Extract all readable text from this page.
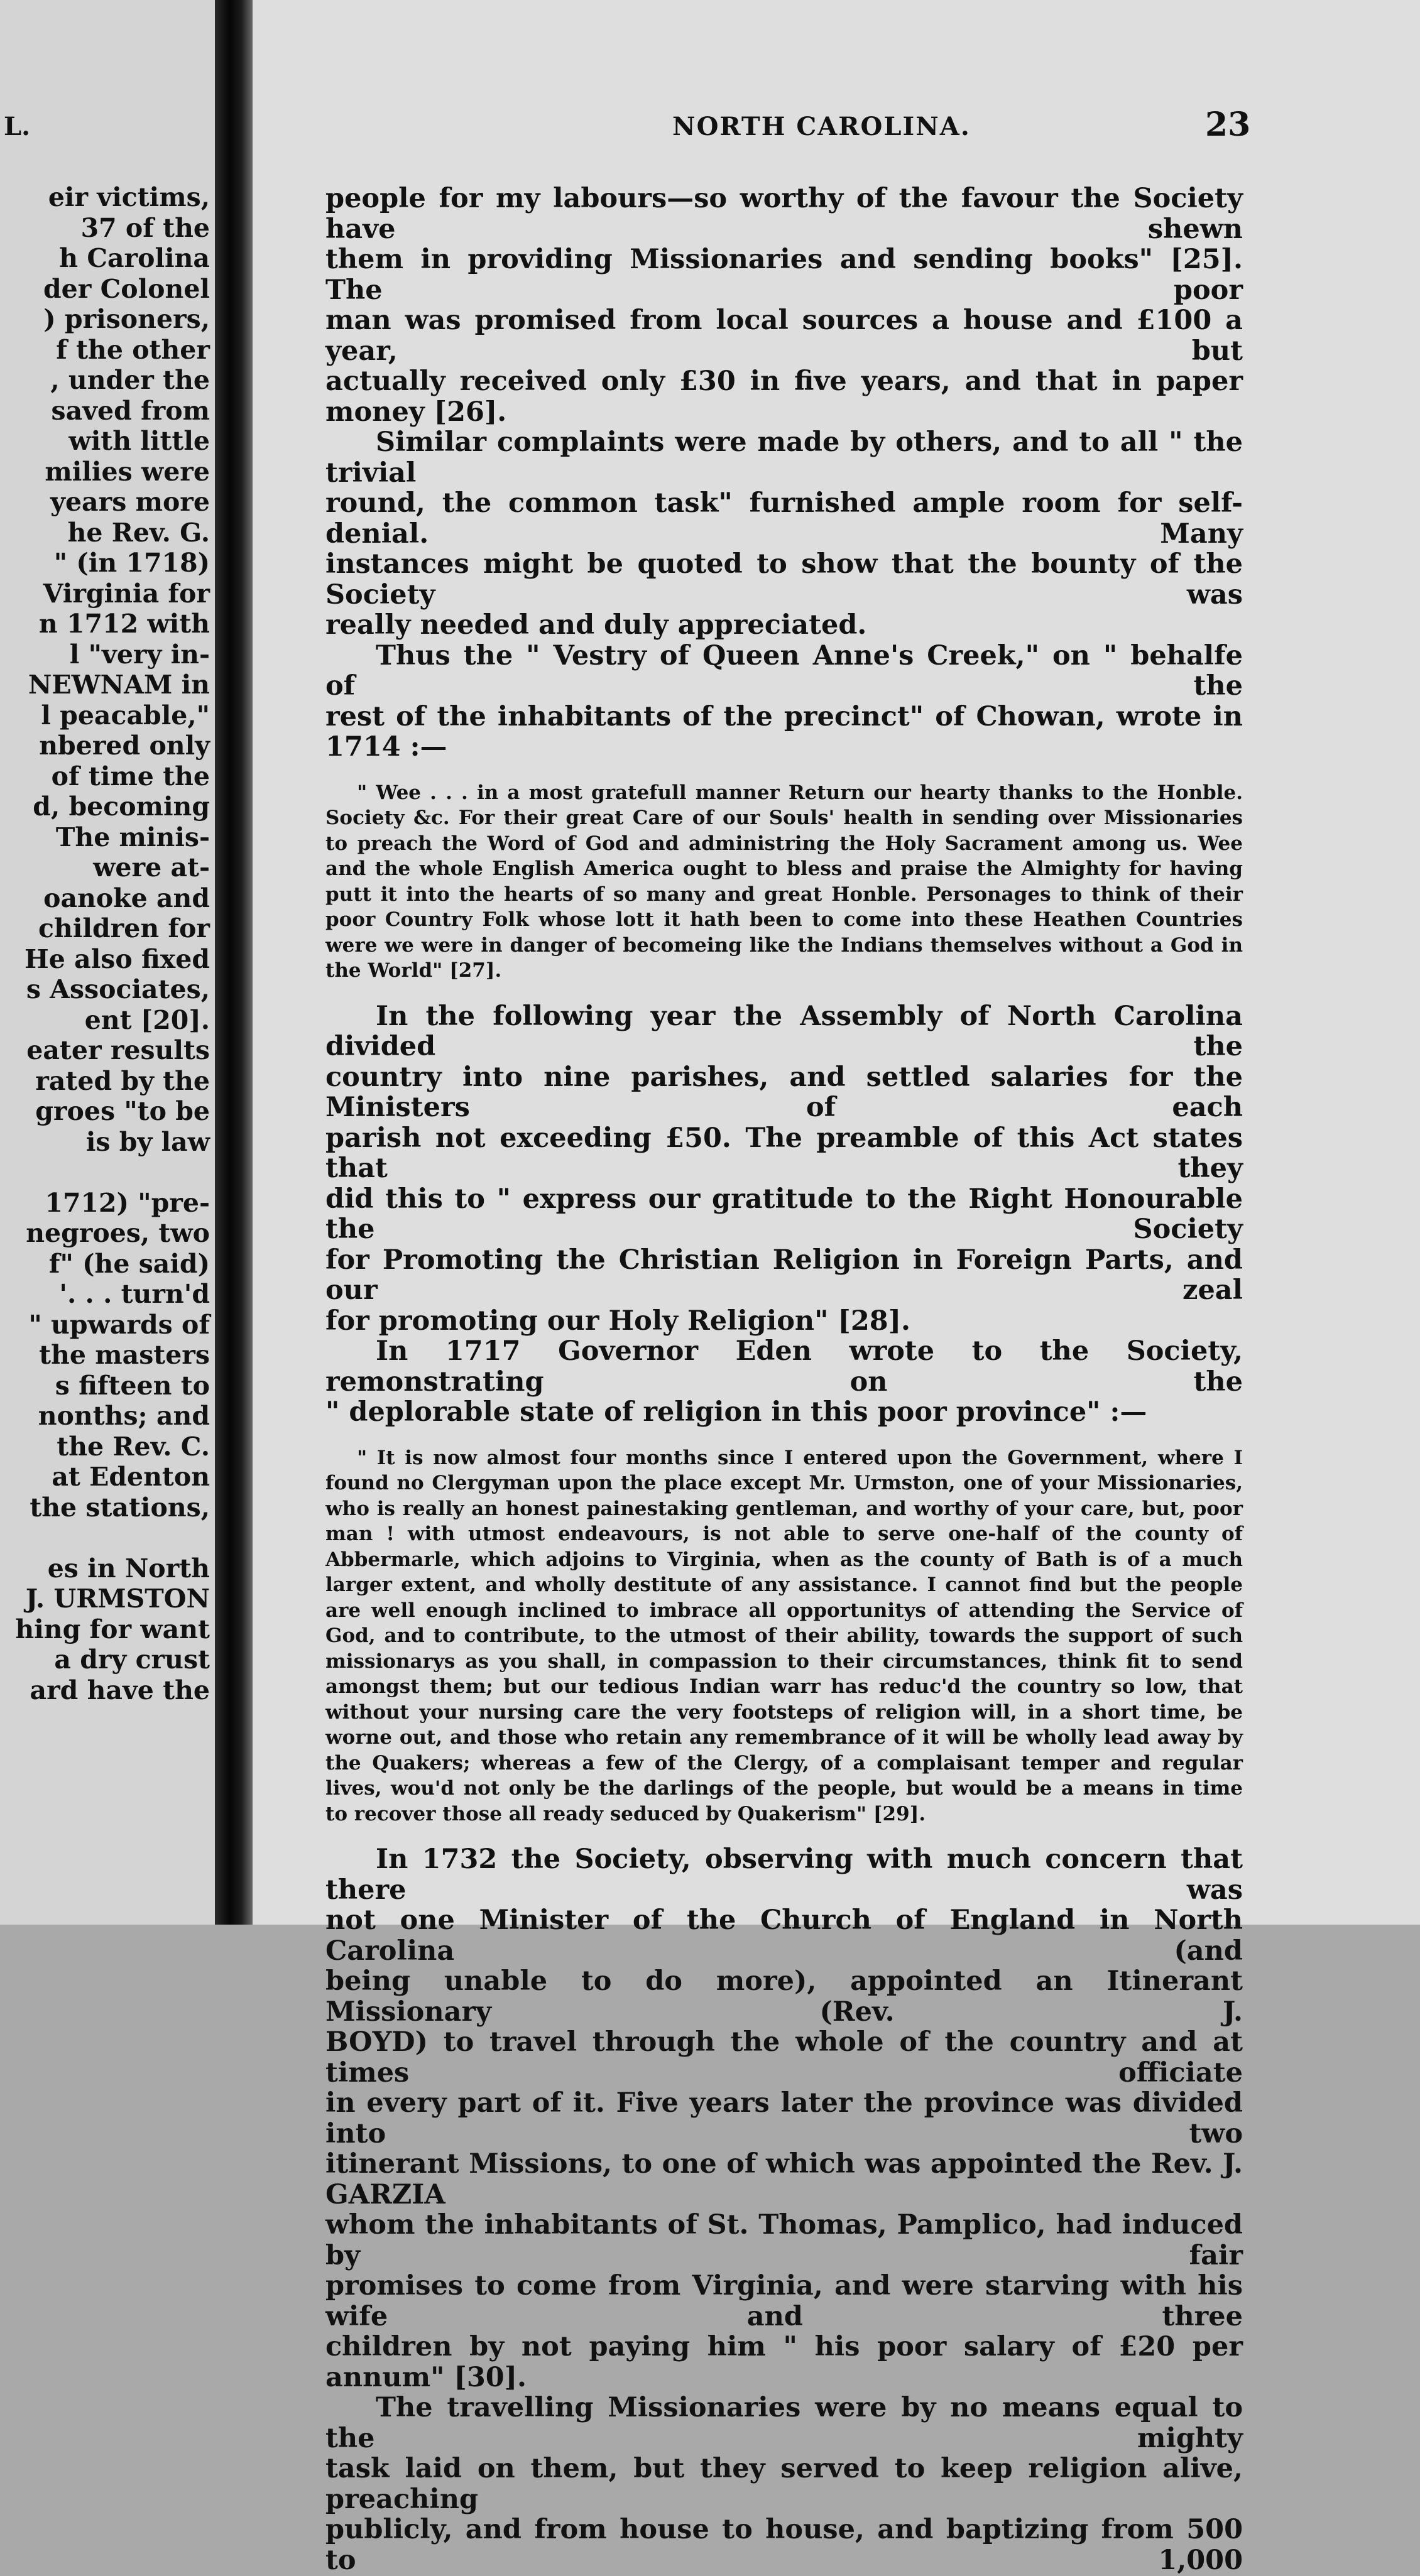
L.
eir victims,
37 of the
h Carolina
der Colonel
) prisoners,
f the other
, under the
saved from
with little
milies were
years more
he Rev. G.
" (in 1718)
Virginia for
n 1712 with
l "very in-
NEWNAM in
l peacable,"
nbered only
of time the
d, becoming
The minis-
were at-
oanoke and
children for
He also fixed
s Associates,
ent [20].
eater results
rated by the
groes "to be
is by law
1712) "pre-
negroes, two
f" (he said)
'. . . turn'd
" upwards of
the masters
s fifteen to
nonths; and
the Rev. C.
at Edenton
the stations,
es in North
J. URMSTON
hing for want
a dry crust
ard have the
NORTH CAROLINA.	23
people for my labours—so worthy of the favour the Society have shewn
them in providing Missionaries and sending books" [25]. The poor
man was promised from local sources a house and £100 a year, but
actually received only £30 in five years, and that in paper money [26].
Similar complaints were made by others, and to all " the trivial
round, the common task" furnished ample room for self-denial. Many
instances might be quoted to show that the bounty of the Society was
really needed and duly appreciated.
Thus the " Vestry of Queen Anne's Creek," on " behalfe of the
rest of the inhabitants of the precinct" of Chowan, wrote in 1714 :—
" Wee . . . in a most gratefull manner Return our hearty thanks to the Honble.
Society &c. For their great Care of our Souls' health in sending over Missionaries
to preach the Word of God and administring the Holy Sacrament among us. Wee
and the whole English America ought to bless and praise the Almighty for having
putt it into the hearts of so many and great Honble. Personages to think of their
poor Country Folk whose lott it hath been to come into these Heathen Countries
were we were in danger of becomeing like the Indians themselves without a God in
the World" [27].
In the following year the Assembly of North Carolina divided the
country into nine parishes, and settled salaries for the Ministers of each
parish not exceeding £50. The preamble of this Act states that they
did this to " express our gratitude to the Right Honourable the Society
for Promoting the Christian Religion in Foreign Parts, and our zeal
for promoting our Holy Religion" [28].
In 1717 Governor Eden wrote to the Society, remonstrating on the
" deplorable state of religion in this poor province" :—
" It is now almost four months since I entered upon the Government, where I
found no Clergyman upon the place except Mr. Urmston, one of your Missionaries,
who is really an honest painestaking gentleman, and worthy of your care, but, poor
man ! with utmost endeavours, is not able to serve one-half of the county of
Abbermarle, which adjoins to Virginia, when as the county of Bath is of a much
larger extent, and wholly destitute of any assistance. I cannot find but the people
are well enough inclined to imbrace all opportunitys of attending the Service of
God, and to contribute, to the utmost of their ability, towards the support of such
missionarys as you shall, in compassion to their circumstances, think fit to send
amongst them; but our tedious Indian warr has reduc'd the country so low, that
without your nursing care the very footsteps of religion will, in a short time, be
worne out, and those who retain any remembrance of it will be wholly lead away by
the Quakers; whereas a few of the Clergy, of a complaisant temper and regular
lives, wou'd not only be the darlings of the people, but would be a means in time
to recover those all ready seduced by Quakerism" [29].
In 1732 the Society, observing with much concern that there was
not one Minister of the Church of England in North Carolina (and
being unable to do more), appointed an Itinerant Missionary (Rev. J.
BOYD) to travel through the whole of the country and at times officiate
in every part of it. Five years later the province was divided into two
itinerant Missions, to one of which was appointed the Rev. J. GARZIA
whom the inhabitants of St. Thomas, Pamplico, had induced by fair
promises to come from Virginia, and were starving with his wife and three
children by not paying him " his poor salary of £20 per annum" [30].
The travelling Missionaries were by no means equal to the mighty
task laid on them, but they served to keep religion alive, preaching
publicly, and from house to house, and baptizing from 500 to 1,000
